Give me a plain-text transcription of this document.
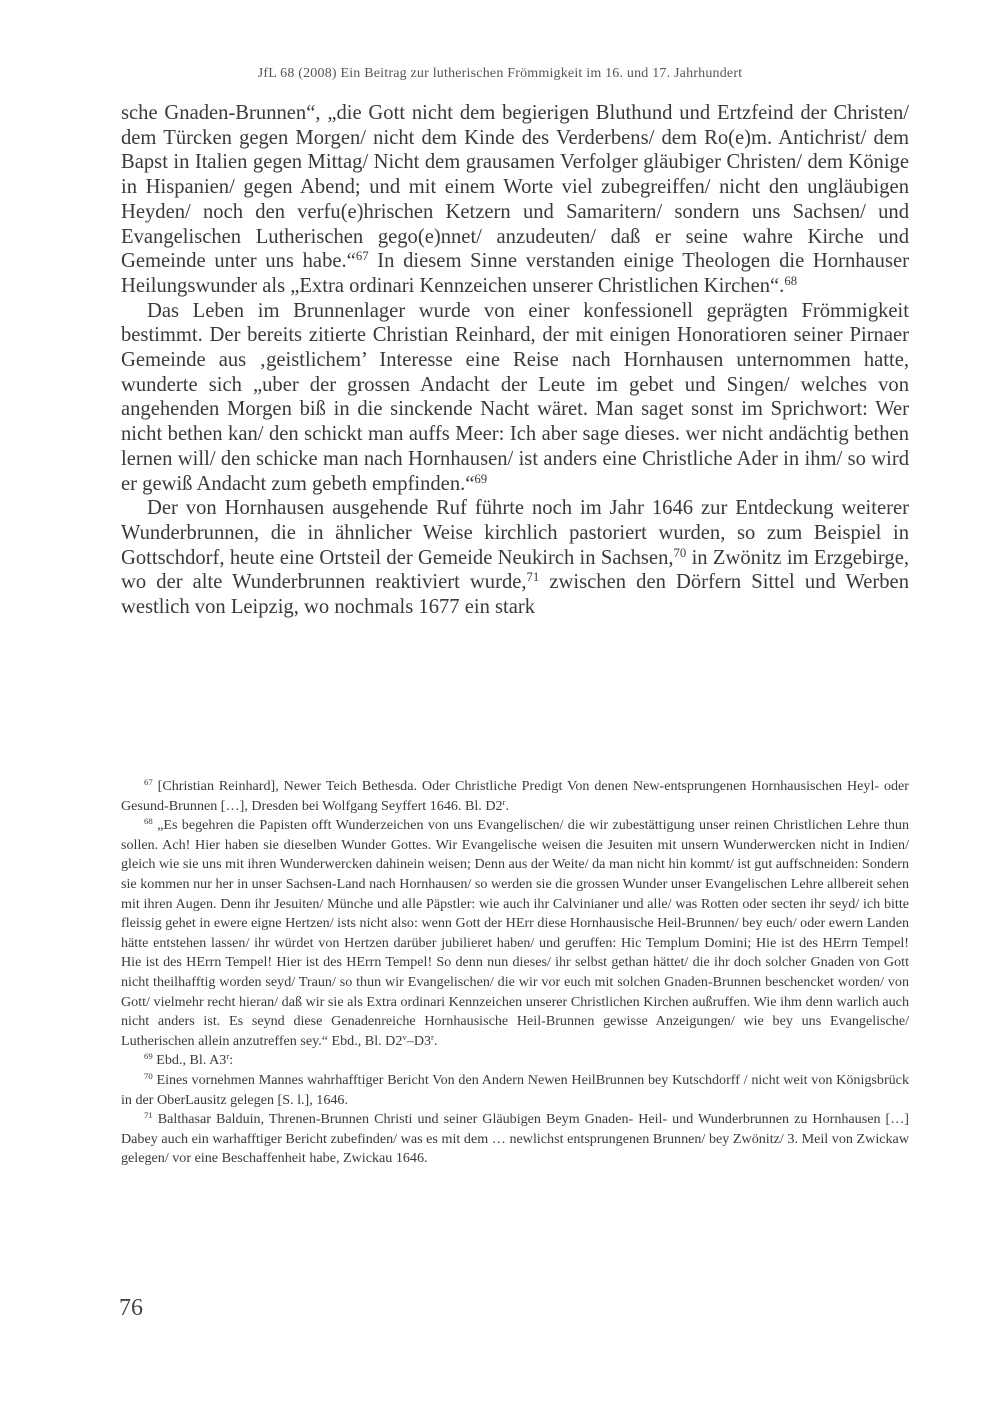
JfL 68 (2008) Ein Beitrag zur lutherischen Frömmigkeit im 16. und 17. Jahrhundert

sche Gnaden-Brunnen“, „die Gott nicht dem begierigen Bluthund und Ertzfeind der Christen/ dem Türcken gegen Morgen/ nicht dem Kinde des Verderbens/ dem Ro(e)m. Antichrist/ dem Bapst in Italien gegen Mittag/ Nicht dem grausamen Verfolger gläubiger Christen/ dem Könige in Hispanien/ gegen Abend; und mit einem Worte viel zubegreiffen/ nicht den ungläubigen Heyden/ noch den verfu(e)hrischen Ketzern und Samaritern/ sondern uns Sachsen/ und Evangelischen Lutherischen gego(e)nnet/ anzudeuten/ daß er seine wahre Kirche und Gemeinde unter uns habe.“$^{67}$ In diesem Sinne verstanden einige Theologen die Hornhauser Heilungswunder als „Extra ordinari Kennzeichen unserer Christlichen Kirchen“.$^{68}$

Das Leben im Brunnenlager wurde von einer konfessionell geprägten Frömmigkeit bestimmt. Der bereits zitierte Christian Reinhard, der mit einigen Honoratioren seiner Pirnaer Gemeinde aus ‚geistlichem’ Interesse eine Reise nach Hornhausen unternommen hatte, wunderte sich „uber der grossen Andacht der Leute im gebet und Singen/ welches von angehenden Morgen biß in die sinckende Nacht wäret. Man saget sonst im Sprichwort: Wer nicht bethen kan/ den schickt man auffs Meer: Ich aber sage dieses. wer nicht andächtig bethen lernen will/ den schicke man nach Hornhausen/ ist anders eine Christliche Ader in ihm/ so wird er gewiß Andacht zum gebeth empfinden.“$^{69}$

Der von Hornhausen ausgehende Ruf führte noch im Jahr 1646 zur Entdeckung weiterer Wunderbrunnen, die in ähnlicher Weise kirchlich pastoriert wurden, so zum Beispiel in Gottschdorf, heute eine Ortsteil der Gemeide Neukirch in Sachsen,$^{70}$ in Zwönitz im Erzgebirge, wo der alte Wunderbrunnen reaktiviert wurde,$^{71}$ zwischen den Dörfern Sittel und Werben westlich von Leipzig, wo nochmals 1677 ein stark

$^{67}$ [Christian Reinhard], Newer Teich Bethesda. Oder Christliche Predigt Von denen New-entsprungenen Hornhausischen Heyl- oder Gesund-Brunnen […], Dresden bei Wolfgang Seyffert 1646. Bl. D2$^r$.

$^{68}$ „Es begehren die Papisten offt Wunderzeichen von uns Evangelischen/ die wir zubestättigung unser reinen Christlichen Lehre thun sollen. Ach! Hier haben sie dieselben Wunder Gottes. Wir Evangelische weisen die Jesuiten mit unsern Wunderwercken nicht in Indien/ gleich wie sie uns mit ihren Wunderwercken dahinein weisen; Denn aus der Weite/ da man nicht hin kommt/ ist gut auffschneiden: Sondern sie kommen nur her in unser Sachsen-Land nach Hornhausen/ so werden sie die grossen Wunder unser Evangelischen Lehre allbereit sehen mit ihren Augen. Denn ihr Jesuiten/ Münche und alle Päpstler: wie auch ihr Calvinianer und alle/ was Rotten oder secten ihr seyd/ ich bitte fleissig gehet in ewere eigne Hertzen/ ists nicht also: wenn Gott der HErr diese Hornhausische Heil-Brunnen/ bey euch/ oder ewern Landen hätte entstehen lassen/ ihr würdet von Hertzen darüber jubilieret haben/ und geruffen: Hic Templum Domini; Hie ist des HErrn Tempel! Hie ist des HErrn Tempel! Hier ist des HErrn Tempel! So denn nun dieses/ ihr selbst gethan hättet/ die ihr doch solcher Gnaden von Gott nicht theilhafftig worden seyd/ Traun/ so thun wir Evangelischen/ die wir vor euch mit solchen Gnaden-Brunnen beschencket worden/ von Gott/ vielmehr recht hieran/ daß wir sie als Extra ordinari Kennzeichen unserer Christlichen Kirchen außruffen. Wie ihm denn warlich auch nicht anders ist. Es seynd diese Genadenreiche Hornhausische Heil-Brunnen gewisse Anzeigungen/ wie bey uns Evangelische/ Lutherischen allein anzutreffen sey.“ Ebd., Bl. D2$^v$–D3$^r$.

$^{69}$ Ebd., Bl. A3$^r$:

$^{70}$ Eines vornehmen Mannes wahrhafftiger Bericht Von den Andern Newen HeilBrunnen bey Kutschdorff / nicht weit von Königsbrück in der OberLausitz gelegen [S. l.], 1646.

$^{71}$ Balthasar Balduin, Threnen-Brunnen Christi und seiner Gläubigen Beym Gnaden- Heil- und Wunderbrunnen zu Hornhausen […] Dabey auch ein warhafftiger Bericht zubefinden/ was es mit dem … newlichst entsprungenen Brunnen/ bey Zwönitz/ 3. Meil von Zwickaw gelegen/ vor eine Beschaffenheit habe, Zwickau 1646.

76
